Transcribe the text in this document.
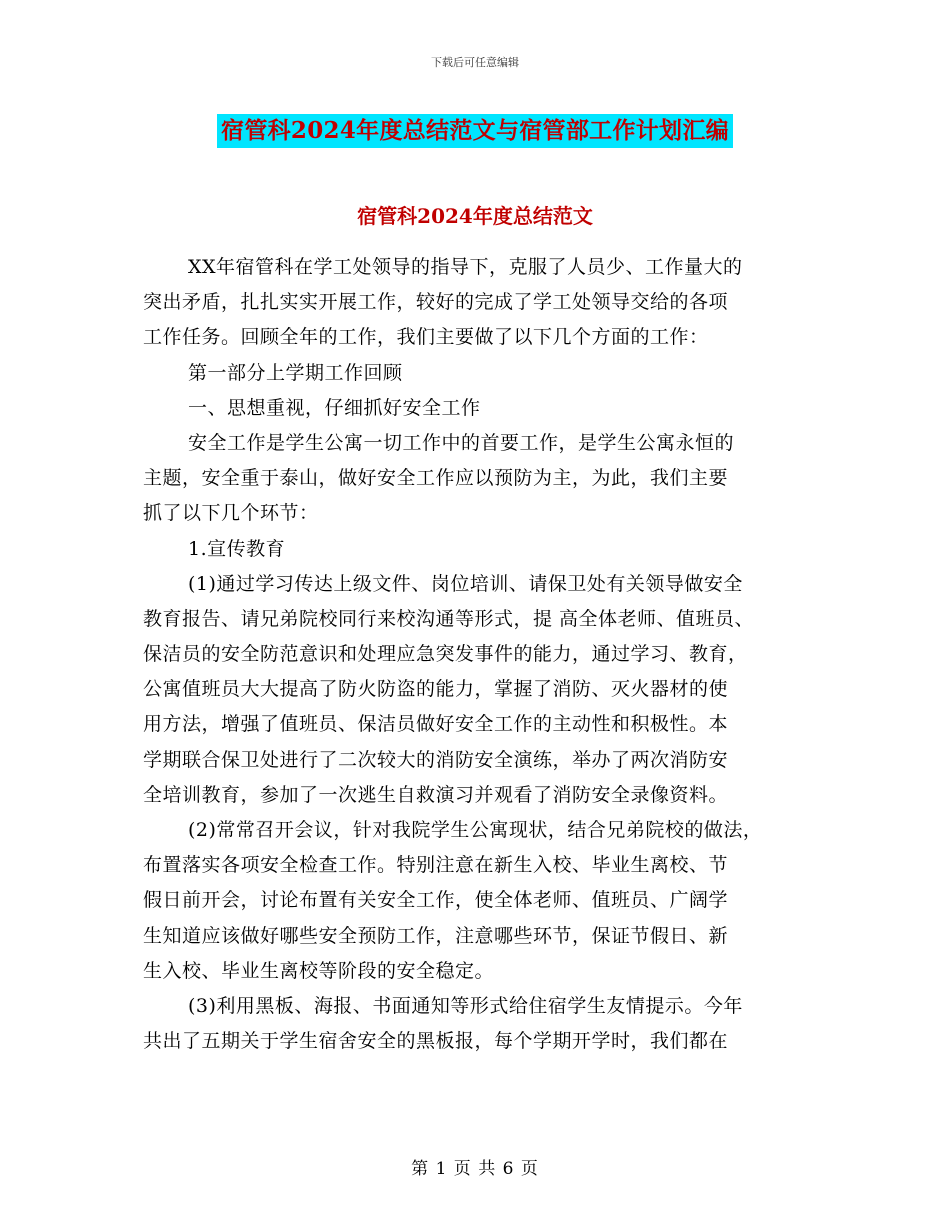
下载后可任意编辑
宿管科2024年度总结范文与宿管部工作计划汇编
宿管科2024年度总结范文
XX年宿管科在学工处领导的指导下，克服了人员少、工作量大的
突出矛盾，扎扎实实开展工作，较好的完成了学工处领导交给的各项
工作任务。回顾全年的工作，我们主要做了以下几个方面的工作：
第一部分上学期工作回顾
一、思想重视，仔细抓好安全工作
安全工作是学生公寓一切工作中的首要工作，是学生公寓永恒的
主题，安全重于泰山，做好安全工作应以预防为主，为此，我们主要
抓了以下几个环节：
1.宣传教育
(1)通过学习传达上级文件、岗位培训、请保卫处有关领导做安全
教育报告、请兄弟院校同行来校沟通等形式，提 高全体老师、值班员、
保洁员的安全防范意识和处理应急突发事件的能力，通过学习、教育，
公寓值班员大大提高了防火防盗的能力，掌握了消防、灭火器材的使
用方法，增强了值班员、保洁员做好安全工作的主动性和积极性。本
学期联合保卫处进行了二次较大的消防安全演练，举办了两次消防安
全培训教育，参加了一次逃生自救演习并观看了消防安全录像资料。
(2)常常召开会议，针对我院学生公寓现状，结合兄弟院校的做法，
布置落实各项安全检查工作。特别注意在新生入校、毕业生离校、节
假日前开会，讨论布置有关安全工作，使全体老师、值班员、广阔学
生知道应该做好哪些安全预防工作，注意哪些环节，保证节假日、新
生入校、毕业生离校等阶段的安全稳定。
(3)利用黑板、海报、书面通知等形式给住宿学生友情提示。今年
共出了五期关于学生宿舍安全的黑板报，每个学期开学时，我们都在
第 1 页 共 6 页
